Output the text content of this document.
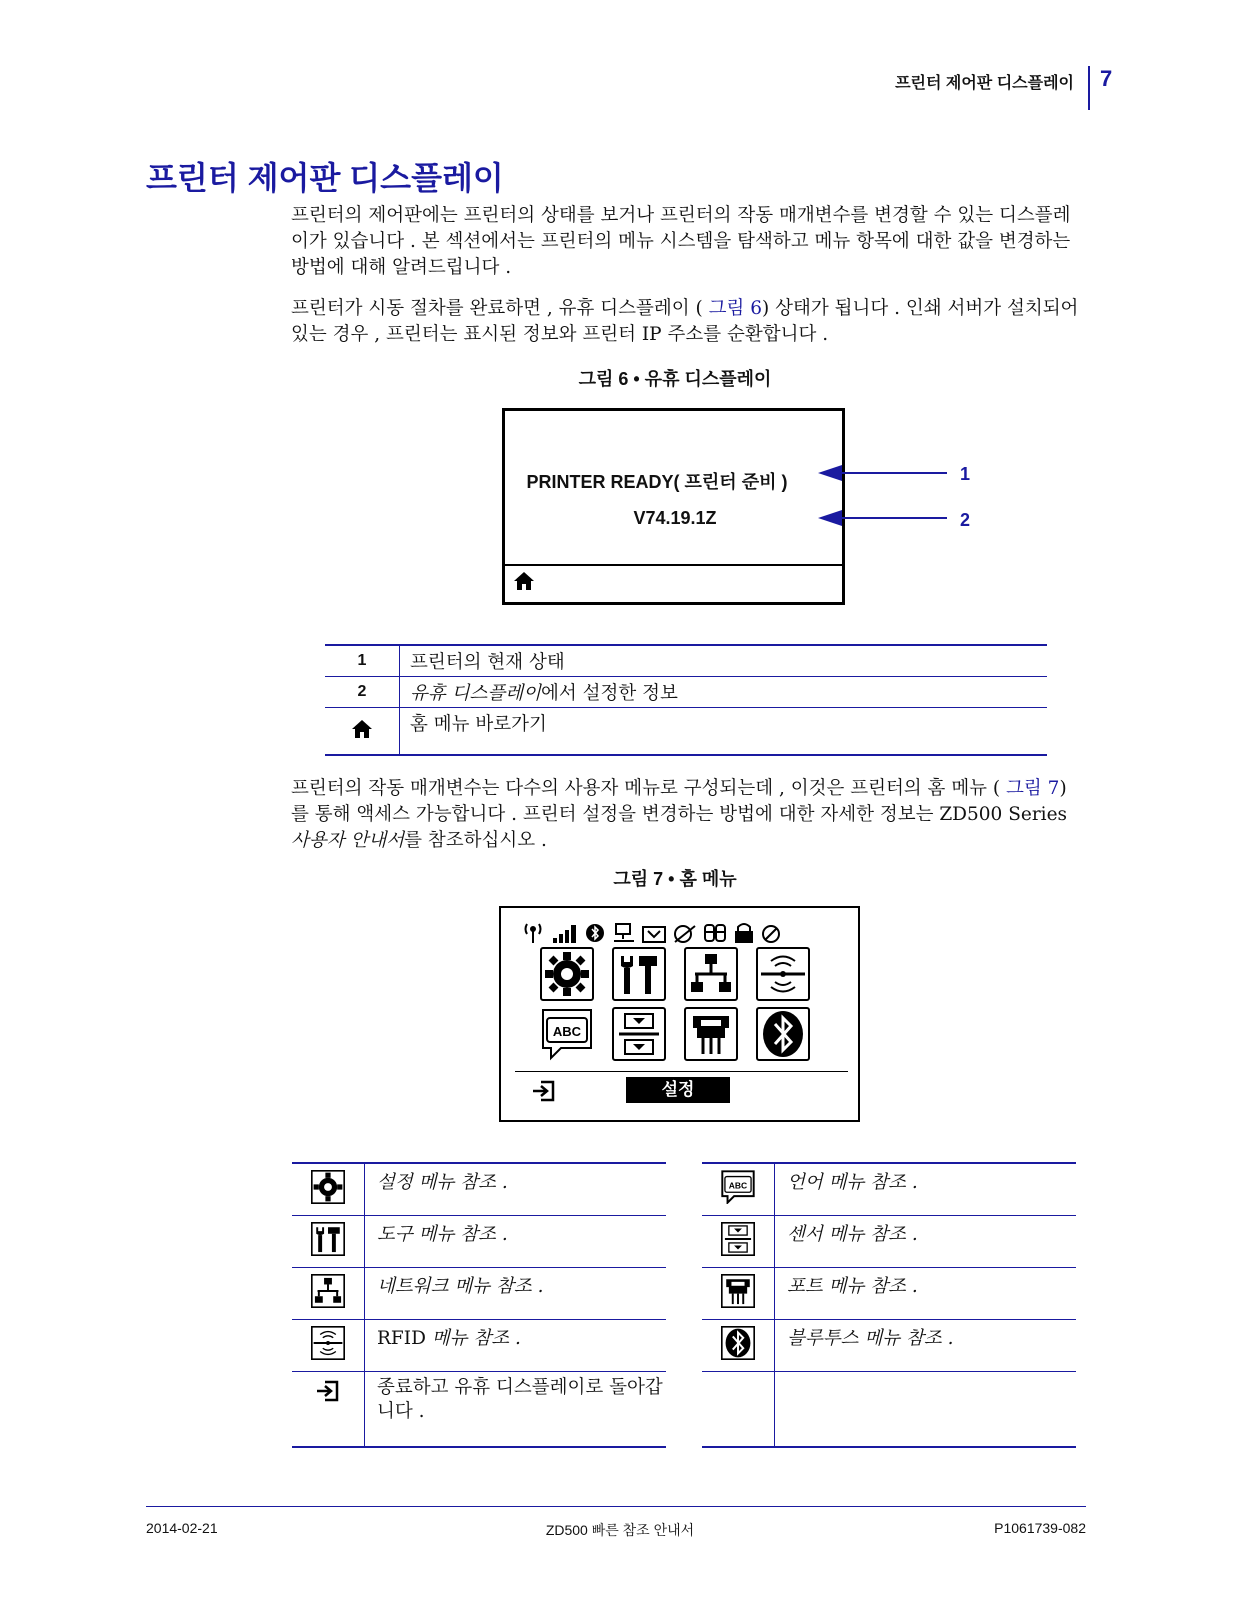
프린터 제어판 디스플레이 7
프린터 제어판 디스플레이

프린터의 제어판에는 프린터의 상태를 보거나 프린터의 작동 매개변수를 변경할 수 있는 디스플레이가 있습니다 . 본 섹션에서는 프린터의 메뉴 시스템을 탐색하고 메뉴 항목에 대한 값을 변경하는 방법에 대해 알려드립니다 .

프린터가 시동 절차를 완료하면 , 유휴 디스플레이 ( 그림 6) 상태가 됩니다 . 인쇄 서버가 설치되어 있는 경우 , 프린터는 표시된 정보와 프린터 IP 주소를 순환합니다 .

그림 6 • 유휴 디스플레이
PRINTER READY( 프린터 준비 )
V74.19.1Z
1
2
1	프린터의 현재 상태
2	유휴 디스플레이에서 설정한 정보
	홈 메뉴 바로가기

프린터의 작동 매개변수는 다수의 사용자 메뉴로 구성되는데 , 이것은 프린터의 홈 메뉴 ( 그림 7) 를 통해 액세스 가능합니다 . 프린터 설정을 변경하는 방법에 대한 자세한 정보는 ZD500 Series 사용자 안내서를 참조하십시오 .

그림 7 • 홈 메뉴
ABC
설정
	설정 메뉴 참조 .
	도구 메뉴 참조 .
	네트워크 메뉴 참조 .
	RFID 메뉴 참조 .
	종료하고 유휴 디스플레이로 돌아갑니다 .
ABC	언어 메뉴 참조 .
	센서 메뉴 참조 .
	포트 메뉴 참조 .
	블루투스 메뉴 참조 .

2014-02-21	ZD500 빠른 참조 안내서	P1061739-082
